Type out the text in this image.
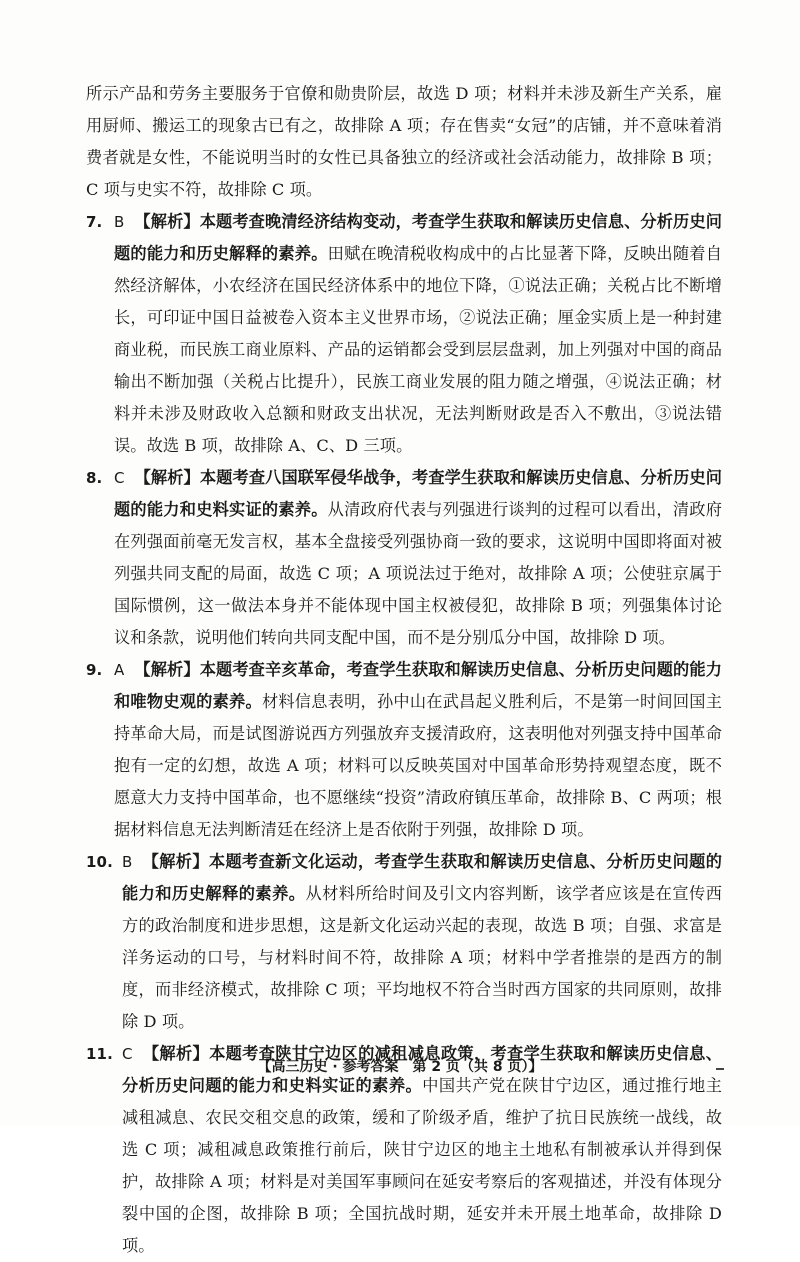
所示产品和劳务主要服务于官僚和勋贵阶层，故选 D 项；材料并未涉及新生产关系，雇用厨师、搬运工的现象古已有之，故排除 A 项；存在售卖“女冠”的店铺，并不意味着消费者就是女性，不能说明当时的女性已具备独立的经济或社会活动能力，故排除 B 项；C 项与史实不符，故排除 C 项。

7. B 【解析】本题考查晚清经济结构变动，考查学生获取和解读历史信息、分析历史问题的能力和历史解释的素养。田赋在晚清税收构成中的占比显著下降，反映出随着自然经济解体，小农经济在国民经济体系中的地位下降，①说法正确；关税占比不断增长，可印证中国日益被卷入资本主义世界市场，②说法正确；厘金实质上是一种封建商业税，而民族工商业原料、产品的运销都会受到层层盘剥，加上列强对中国的商品输出不断加强（关税占比提升），民族工商业发展的阻力随之增强，④说法正确；材料并未涉及财政收入总额和财政支出状况，无法判断财政是否入不敷出，③说法错误。故选 B 项，故排除 A、C、D 三项。

8. C 【解析】本题考查八国联军侵华战争，考查学生获取和解读历史信息、分析历史问题的能力和史料实证的素养。从清政府代表与列强进行谈判的过程可以看出，清政府在列强面前毫无发言权，基本全盘接受列强协商一致的要求，这说明中国即将面对被列强共同支配的局面，故选 C 项；A 项说法过于绝对，故排除 A 项；公使驻京属于国际惯例，这一做法本身并不能体现中国主权被侵犯，故排除 B 项；列强集体讨论议和条款，说明他们转向共同支配中国，而不是分别瓜分中国，故排除 D 项。

9. A 【解析】本题考查辛亥革命，考查学生获取和解读历史信息、分析历史问题的能力和唯物史观的素养。材料信息表明，孙中山在武昌起义胜利后，不是第一时间回国主持革命大局，而是试图游说西方列强放弃支援清政府，这表明他对列强支持中国革命抱有一定的幻想，故选 A 项；材料可以反映英国对中国革命形势持观望态度，既不愿意大力支持中国革命，也不愿继续“投资”清政府镇压革命，故排除 B、C 两项；根据材料信息无法判断清廷在经济上是否依附于列强，故排除 D 项。

10. B 【解析】本题考查新文化运动，考查学生获取和解读历史信息、分析历史问题的能力和历史解释的素养。从材料所给时间及引文内容判断，该学者应该是在宣传西方的政治制度和进步思想，这是新文化运动兴起的表现，故选 B 项；自强、求富是洋务运动的口号，与材料时间不符，故排除 A 项；材料中学者推崇的是西方的制度，而非经济模式，故排除 C 项；平均地权不符合当时西方国家的共同原则，故排除 D 项。

11. C 【解析】本题考查陕甘宁边区的减租减息政策，考查学生获取和解读历史信息、分析历史问题的能力和史料实证的素养。中国共产党在陕甘宁边区，通过推行地主减租减息、农民交租交息的政策，缓和了阶级矛盾，维护了抗日民族统一战线，故选 C 项；减租减息政策推行前后，陕甘宁边区的地主土地私有制被承认并得到保护，故排除 A 项；材料是对美国军事顾问在延安考察后的客观描述，并没有体现分裂中国的企图，故排除 B 项；全国抗战时期，延安并未开展土地革命，故排除 D 项。

【高三历史 · 参考答案　第 2 页（共 8 页）】
